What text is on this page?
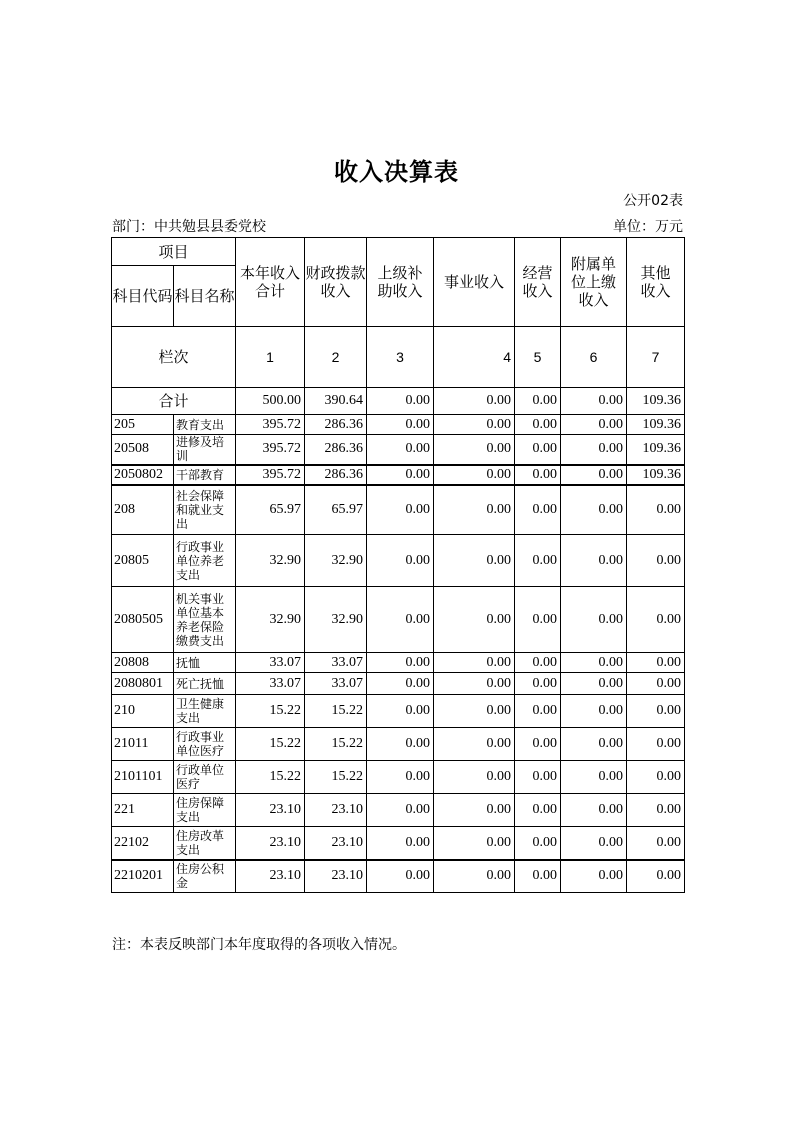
收入决算表
公开02表
部门：中共勉县县委党校	单位：万元
项目		本年收入合计	财政拨款收入	上级补助收入	事业收入	经营收入	附属单位上缴收入	其他收入

科目代码	科目名称							
栏次		1	2	3	4	5	6	7
合计		500.00	390.64	0.00	0.00	0.00	0.00	109.36
205	教育支出	395.72	286.36	0.00	0.00	0.00	0.00	109.36
20508	进修及培训	395.72	286.36	0.00	0.00	0.00	0.00	109.36
2050802	干部教育	395.72	286.36	0.00	0.00	0.00	0.00	109.36
208	社会保障和就业支出	65.97	65.97	0.00	0.00	0.00	0.00	0.00
20805	行政事业单位养老支出	32.90	32.90	0.00	0.00	0.00	0.00	0.00
2080505	机关事业单位基本养老保险缴费支出	32.90	32.90	0.00	0.00	0.00	0.00	0.00
20808	抚恤	33.07	33.07	0.00	0.00	0.00	0.00	0.00
2080801	死亡抚恤	33.07	33.07	0.00	0.00	0.00	0.00	0.00
210	卫生健康支出	15.22	15.22	0.00	0.00	0.00	0.00	0.00
21011	行政事业单位医疗	15.22	15.22	0.00	0.00	0.00	0.00	0.00
2101101	行政单位医疗	15.22	15.22	0.00	0.00	0.00	0.00	0.00
221	住房保障支出	23.10	23.10	0.00	0.00	0.00	0.00	0.00
22102	住房改革支出	23.10	23.10	0.00	0.00	0.00	0.00	0.00
2210201	住房公积金	23.10	23.10	0.00	0.00	0.00	0.00	0.00
注：本表反映部门本年度取得的各项收入情况。
